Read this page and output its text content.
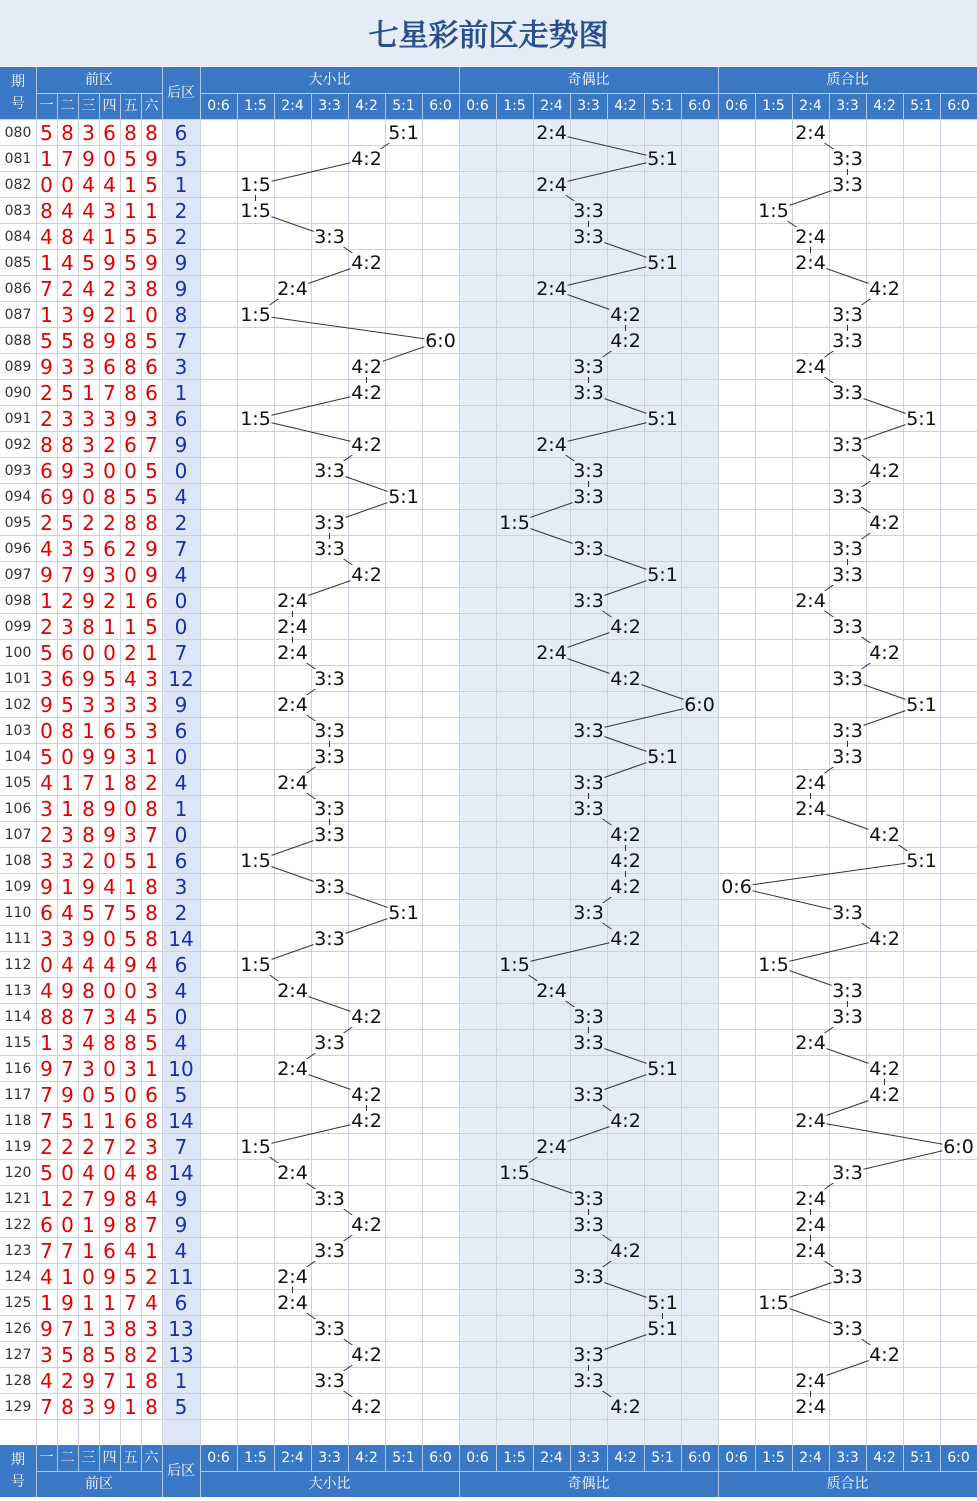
七星彩前区走势图
期
号
后区
前区
一 二 三 四 五 六
大小比
0:6 1:5 2:4 3:3 4:2 5:1 6:0
奇偶比
0:6 1:5 2:4 3:3 4:2 5:1 6:0
质合比
0:6 1:5 2:4 3:3 4:2 5:1 6:0
期
号
后区
前区
一 二 三 四 五 六
大小比
0:6 1:5 2:4 3:3 4:2 5:1 6:0
奇偶比
0:6 1:5 2:4 3:3 4:2 5:1 6:0
质合比
0:6 1:5 2:4 3:3 4:2 5:1 6:0
080 5 8 3 6 8 8 6
081 1 7 9 0 5 9 5
082 0 0 4 4 1 5 1
083 8 4 4 3 1 1 2
084 4 8 4 1 5 5 2
085 1 4 5 9 5 9 9
086 7 2 4 2 3 8 9
087 1 3 9 2 1 0 8
088 5 5 8 9 8 5 7
089 9 3 3 6 8 6 3
090 2 5 1 7 8 6 1
091 2 3 3 3 9 3 6
092 8 8 3 2 6 7 9
093 6 9 3 0 0 5 0
094 6 9 0 8 5 5 4
095 2 5 2 2 8 8 2
096 4 3 5 6 2 9 7
097 9 7 9 3 0 9 4
098 1 2 9 2 1 6 0
099 2 3 8 1 1 5 0
100 5 6 0 0 2 1 7
101 3 6 9 5 4 3 12
102 9 5 3 3 3 3 9
103 0 8 1 6 5 3 6
104 5 0 9 9 3 1 0
105 4 1 7 1 8 2 4
106 3 1 8 9 0 8 1
107 2 3 8 9 3 7 0
108 3 3 2 0 5 1 6
109 9 1 9 4 1 8 3
110 6 4 5 7 5 8 2
111 3 3 9 0 5 8 14
112 0 4 4 4 9 4 6
113 4 9 8 0 0 3 4
114 8 8 7 3 4 5 0
115 1 3 4 8 8 5 4
116 9 7 3 0 3 1 10
117 7 9 0 5 0 6 5
118 7 5 1 1 6 8 14
119 2 2 2 7 2 3 7
120 5 0 4 0 4 8 14
121 1 2 7 9 8 4 9
122 6 0 1 9 8 7 9
123 7 7 1 6 4 1 4
124 4 1 0 9 5 2 11
125 1 9 1 1 7 4 6
126 9 7 1 3 8 3 13
127 3 5 8 5 8 2 13
128 4 2 9 7 1 8 1
129 7 8 3 9 1 8 5
5:1
4:2
1:5
1:5
3:3
4:2
2:4
1:5
6:0
4:2
4:2
1:5
4:2
3:3
5:1
3:3
3:3
4:2
2:4
2:4
2:4
3:3
2:4
3:3
3:3
2:4
3:3
3:3
1:5
3:3
5:1
3:3
1:5
2:4
4:2
3:3
2:4
4:2
4:2
1:5
2:4
3:3
4:2
3:3
2:4
2:4
3:3
4:2
3:3
4:2
2:4
5:1
2:4
3:3
3:3
5:1
2:4
4:2
4:2
3:3
3:3
5:1
2:4
3:3
3:3
1:5
3:3
5:1
3:3
4:2
2:4
4:2
6:0
3:3
5:1
3:3
3:3
4:2
4:2
4:2
3:3
4:2
1:5
2:4
3:3
3:3
5:1
3:3
4:2
2:4
1:5
3:3
3:3
4:2
3:3
5:1
5:1
3:3
3:3
4:2
2:4
3:3
3:3
1:5
2:4
2:4
4:2
3:3
3:3
2:4
3:3
5:1
3:3
4:2
3:3
4:2
3:3
3:3
2:4
3:3
4:2
3:3
5:1
3:3
3:3
2:4
2:4
4:2
5:1
0:6
3:3
4:2
1:5
3:3
3:3
2:4
4:2
4:2
2:4
6:0
3:3
2:4
2:4
2:4
3:3
1:5
3:3
4:2
2:4
2:4
